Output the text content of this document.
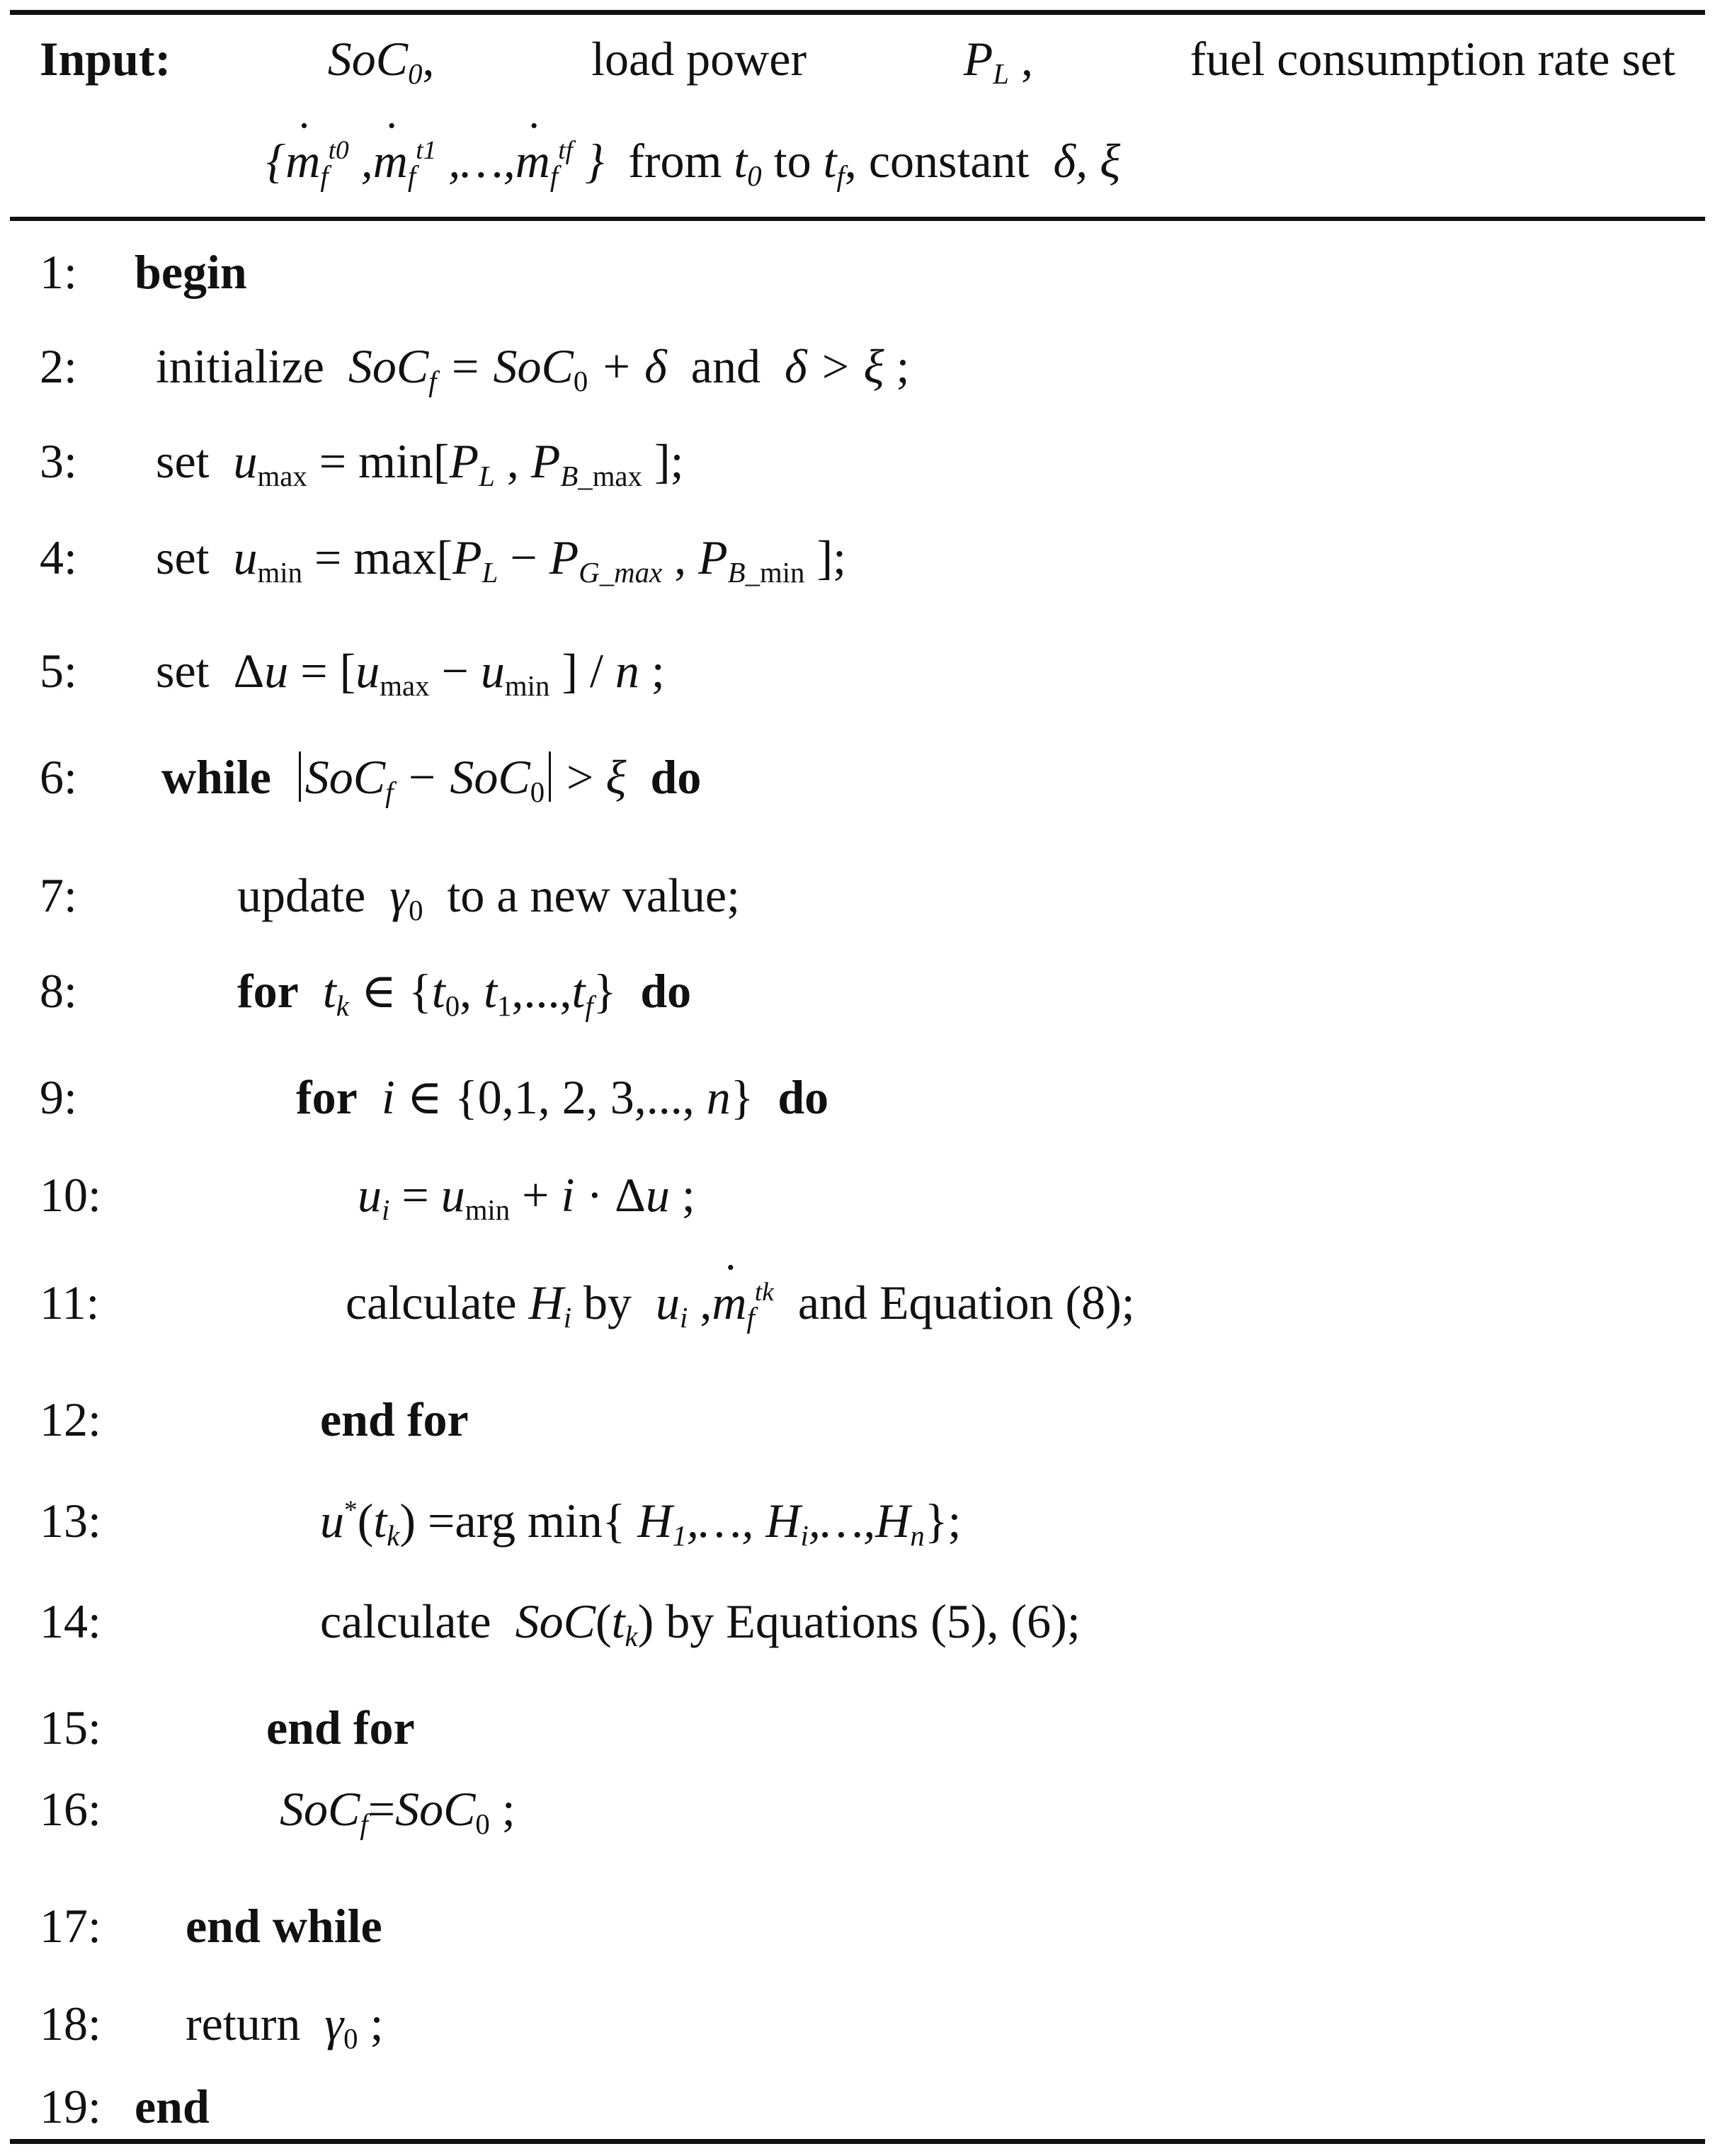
Input:	SoC$_0$,	load power	$P_L$ ,	fuel consumption rate set
{˙ $m_f^{t0}$ ,˙ $m_f^{t1}$ ,…,˙ $m_f^{tf}$ } from $t_0$ to $t_f$, constant δ, ξ
1: begin
2: initialize SoC$_f$ = SoC$_0$ + δ and δ > ξ ;
3: set $u_{max} = \min[P_L$ , $P_{B\_max}$ ];
4: set $u_{min} = \max[P_L - P_{G\_max}$ , $P_{B\_min}$ ];
5: set  $\Delta u = [u_{max} - u_{min}$ ] / n ;
6: while SoC$_f$ − SoC$_0$ > ξ do
7:	update $\gamma_0$ to a new value;
8:	for $t_k$ ∈ {$t_0$, $t_1,...,t_f$}  do
9:	for i ∈ {0,1, 2, 3,..., n}  do
10:	$u_i = u_{min} + i \cdot \Delta u$ ;
11:	calculate $H_i$ by $u_i$ ,˙ $m_f^{tk}$ and Equation (8);
12:	end for
13:	$u^*(t_k) =arg$ min{ $H_1,\dots$, $H_i,\dots,H_n$};
14:	calculate $SoC(t_k)$ by Equations (5), (6);
15:	end for
16:	SoC$_f$=SoC$_0$ ;
17: end while
18: return $\gamma_0$ ;
19: end
